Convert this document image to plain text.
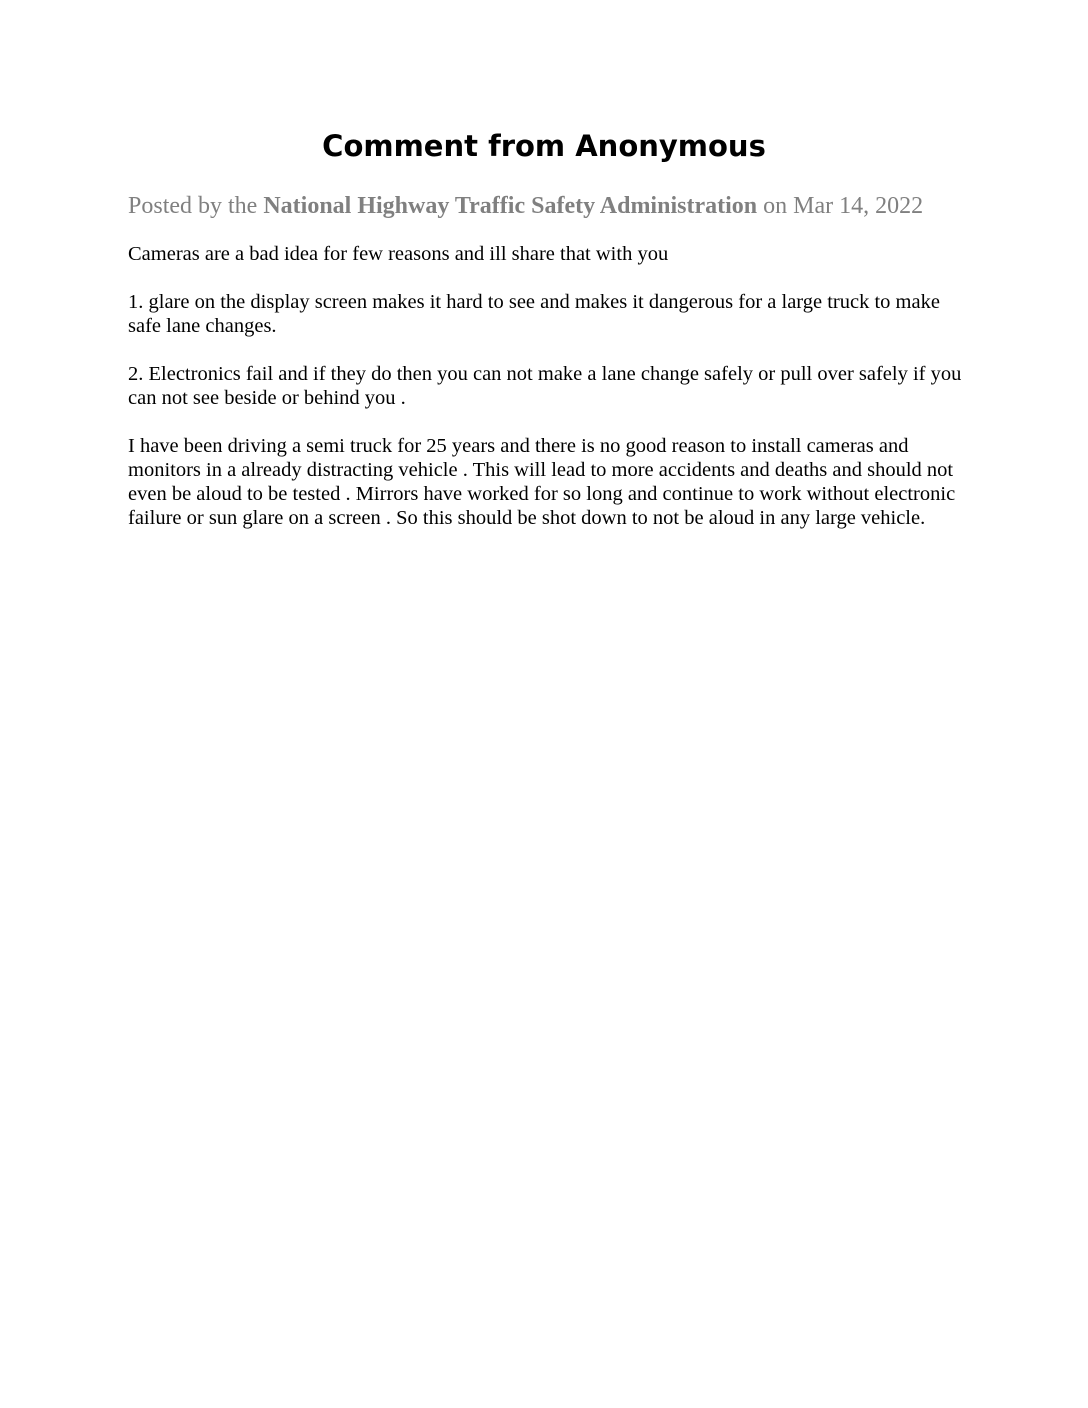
Comment from Anonymous
Posted by the National Highway Traffic Safety Administration on Mar 14, 2022

Cameras are a bad idea for few reasons and ill share that with you

1. glare on the display screen makes it hard to see and makes it dangerous for a large truck to make safe lane changes.

2. Electronics fail and if they do then you can not make a lane change safely or pull over safely if you can not see beside or behind you .

I have been driving a semi truck for 25 years and there is no good reason to install cameras and monitors in a already distracting vehicle . This will lead to more accidents and deaths and should not even be aloud to be tested . Mirrors have worked for so long and continue to work without electronic failure or sun glare on a screen . So this should be shot down to not be aloud in any large vehicle.
